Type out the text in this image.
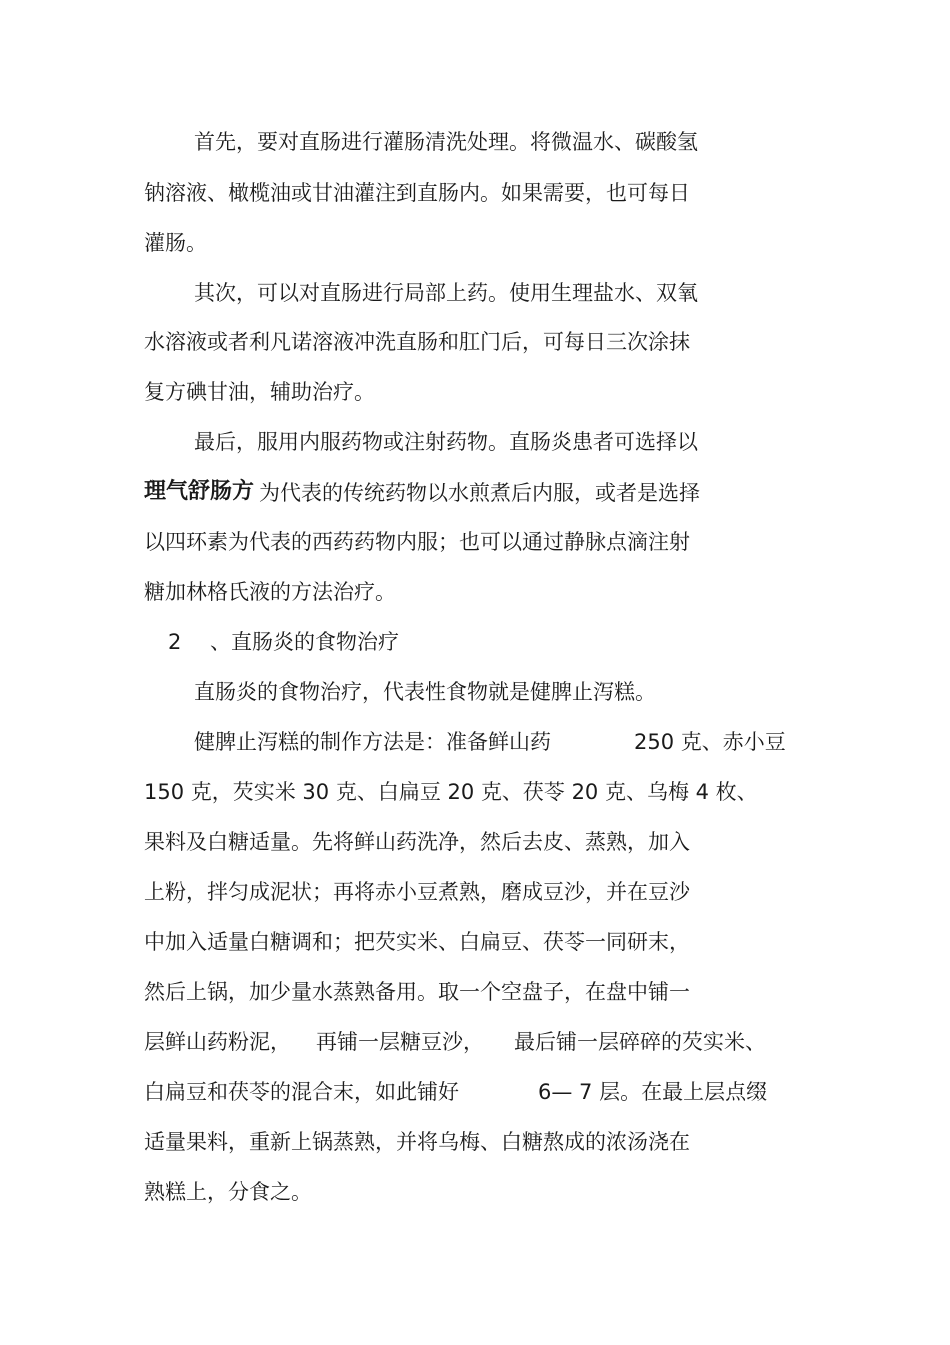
首先，要对直肠进行灌肠清洗处理。将微温水、碳酸氢
钠溶液、橄榄油或甘油灌注到直肠内。如果需要，也可每日
灌肠。
其次，可以对直肠进行局部上药。使用生理盐水、双氧
水溶液或者利凡诺溶液冲洗直肠和肛门后，可每日三次涂抹
复方碘甘油，辅助治疗。
最后，服用内服药物或注射药物。直肠炎患者可选择以
理气舒肠方 为代表的传统药物以水煎煮后内服，或者是选择
以四环素为代表的西药药物内服；也可以通过静脉点滴注射
糖加林格氏液的方法治疗。
2 、直肠炎的食物治疗
直肠炎的食物治疗，代表性食物就是健脾止泻糕。
健脾止泻糕的制作方法是：准备鲜山药	250 克、赤小豆
150 克，芡实米 30 克、白扁豆 20 克、茯苓 20 克、乌梅 4 枚、
果料及白糖适量。先将鲜山药洗净，然后去皮、蒸熟，加入
上粉，拌匀成泥状；再将赤小豆煮熟，磨成豆沙，并在豆沙
中加入适量白糖调和；把芡实米、白扁豆、茯苓一同研末，
然后上锅，加少量水蒸熟备用。取一个空盘子，在盘中铺一
层鲜山药粉泥， 再铺一层糖豆沙， 最后铺一层碎碎的芡实米、
白扁豆和茯苓的混合末，如此铺好	6— 7 层。在最上层点缀
适量果料，重新上锅蒸熟，并将乌梅、白糖熬成的浓汤浇在
熟糕上，分食之。
